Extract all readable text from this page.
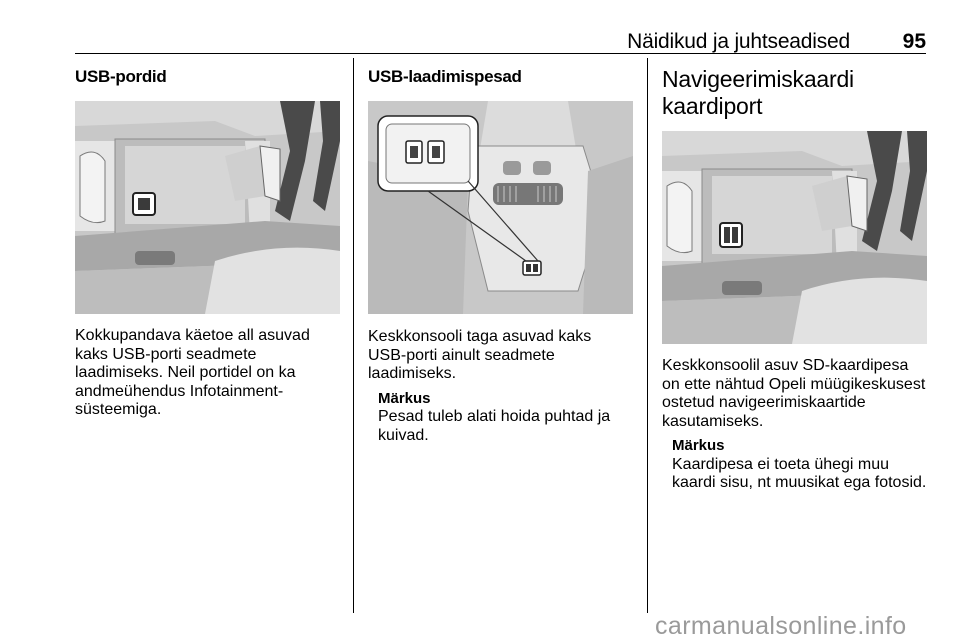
Näidikud ja juhtseadised	95
USB-pordid
Kokkupandava käetoe all asuvad kaks USB-porti seadmete laadimiseks. Neil portidel on ka andmeühendus Infotainment-süsteemiga.
USB-laadimispesad
Keskkonsooli taga asuvad kaks USB-porti ainult seadmete laadimiseks.
Märkus
Pesad tuleb alati hoida puhtad ja kuivad.
Navigeerimiskaardi kaardiport
Keskkonsoolil asuv SD-kaardipesa on ette nähtud Opeli müügikeskusest ostetud navigeerimiskaartide kasutamiseks.
Märkus
Kaardipesa ei toeta ühegi muu kaardi sisu, nt muusikat ega fotosid.
carmanualsonline.info
